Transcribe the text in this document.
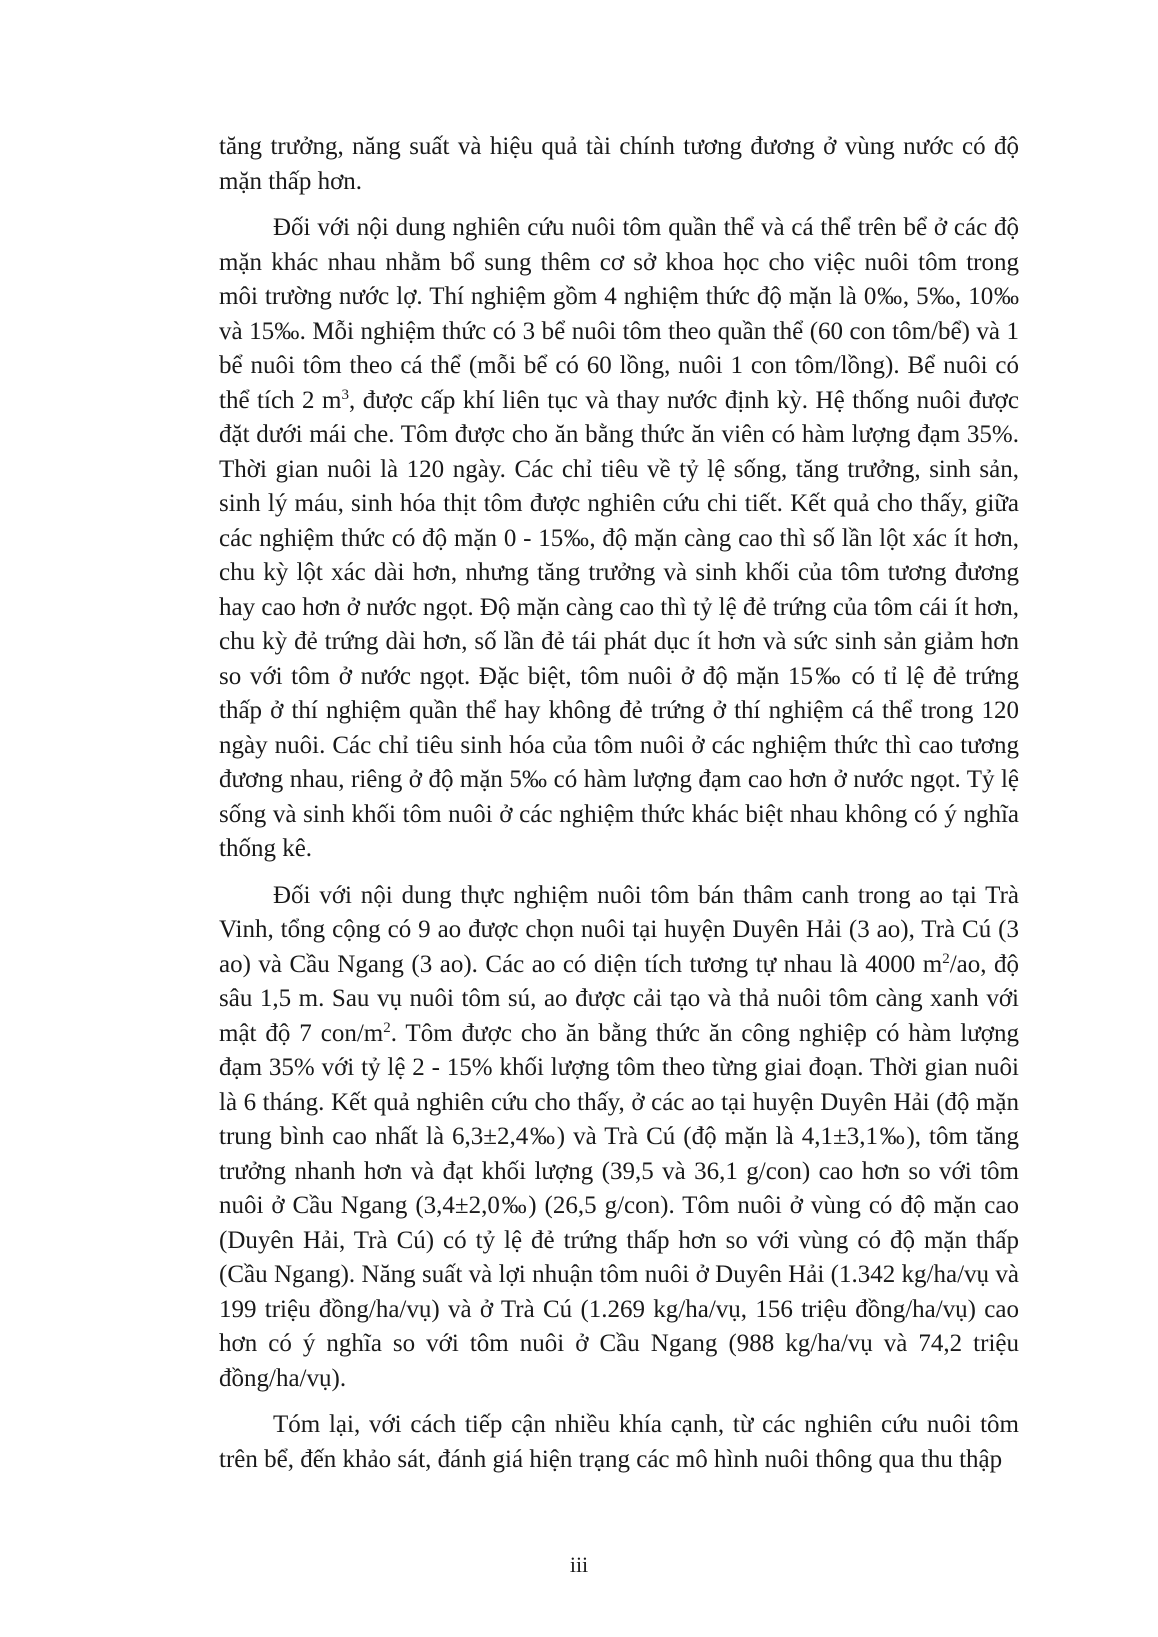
tăng trưởng, năng suất và hiệu quả tài chính tương đương ở vùng nước có độ mặn thấp hơn.

Đối với nội dung nghiên cứu nuôi tôm quần thể và cá thể trên bể ở các độ mặn khác nhau nhằm bổ sung thêm cơ sở khoa học cho việc nuôi tôm trong môi trường nước lợ. Thí nghiệm gồm 4 nghiệm thức độ mặn là 0‰, 5‰, 10‰ và 15‰. Mỗi nghiệm thức có 3 bể nuôi tôm theo quần thể (60 con tôm/bể) và 1 bể nuôi tôm theo cá thể (mỗi bể có 60 lồng, nuôi 1 con tôm/lồng). Bể nuôi có thể tích 2 $m^3$, được cấp khí liên tục và thay nước định kỳ. Hệ thống nuôi được đặt dưới mái che. Tôm được cho ăn bằng thức ăn viên có hàm lượng đạm 35%. Thời gian nuôi là 120 ngày. Các chỉ tiêu về tỷ lệ sống, tăng trưởng, sinh sản, sinh lý máu, sinh hóa thịt tôm được nghiên cứu chi tiết. Kết quả cho thấy, giữa các nghiệm thức có độ mặn 0 - 15‰, độ mặn càng cao thì số lần lột xác ít hơn, chu kỳ lột xác dài hơn, nhưng tăng trưởng và sinh khối của tôm tương đương hay cao hơn ở nước ngọt. Độ mặn càng cao thì tỷ lệ đẻ trứng của tôm cái ít hơn, chu kỳ đẻ trứng dài hơn, số lần đẻ tái phát dục ít hơn và sức sinh sản giảm hơn so với tôm ở nước ngọt. Đặc biệt, tôm nuôi ở độ mặn 15‰ có tỉ lệ đẻ trứng thấp ở thí nghiệm quần thể hay không đẻ trứng ở thí nghiệm cá thể trong 120 ngày nuôi. Các chỉ tiêu sinh hóa của tôm nuôi ở các nghiệm thức thì cao tương đương nhau, riêng ở độ mặn 5‰ có hàm lượng đạm cao hơn ở nước ngọt. Tỷ lệ sống và sinh khối tôm nuôi ở các nghiệm thức khác biệt nhau không có ý nghĩa thống kê.

Đối với nội dung thực nghiệm nuôi tôm bán thâm canh trong ao tại Trà Vinh, tổng cộng có 9 ao được chọn nuôi tại huyện Duyên Hải (3 ao), Trà Cú (3 ao) và Cầu Ngang (3 ao). Các ao có diện tích tương tự nhau là 4000 $m^2/ao$, độ sâu 1,5 m. Sau vụ nuôi tôm sú, ao được cải tạo và thả nuôi tôm càng xanh với mật độ 7 con/$m^2$. Tôm được cho ăn bằng thức ăn công nghiệp có hàm lượng đạm 35% với tỷ lệ 2 - 15% khối lượng tôm theo từng giai đoạn. Thời gian nuôi là 6 tháng. Kết quả nghiên cứu cho thấy, ở các ao tại huyện Duyên Hải (độ mặn trung bình cao nhất là 6,3±2,4‰) và Trà Cú (độ mặn là 4,1±3,1‰), tôm tăng trưởng nhanh hơn và đạt khối lượng (39,5 và 36,1 g/con) cao hơn so với tôm nuôi ở Cầu Ngang (3,4±2,0‰) (26,5 g/con). Tôm nuôi ở vùng có độ mặn cao (Duyên Hải, Trà Cú) có tỷ lệ đẻ trứng thấp hơn so với vùng có độ mặn thấp (Cầu Ngang). Năng suất và lợi nhuận tôm nuôi ở Duyên Hải (1.342 kg/ha/vụ và 199 triệu đồng/ha/vụ) và ở Trà Cú (1.269 kg/ha/vụ, 156 triệu đồng/ha/vụ) cao hơn có ý nghĩa so với tôm nuôi ở Cầu Ngang (988 kg/ha/vụ và 74,2 triệu đồng/ha/vụ).

Tóm lại, với cách tiếp cận nhiều khía cạnh, từ các nghiên cứu nuôi tôm trên bể, đến khảo sát, đánh giá hiện trạng các mô hình nuôi thông qua thu thập

iii
